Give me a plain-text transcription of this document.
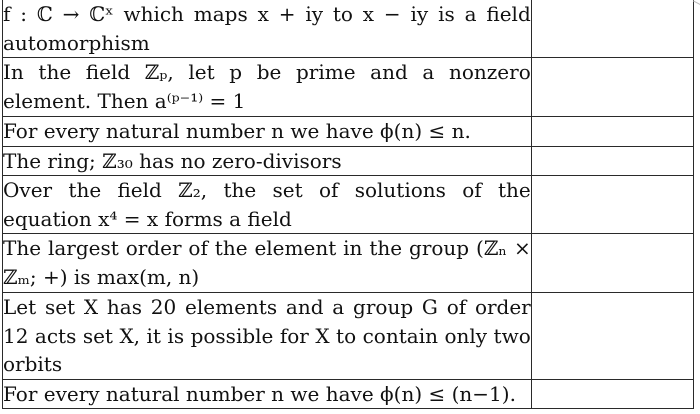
f : ℂ → ℂˣ which maps x + iy to x − iy is a field automorphism	
In the field ℤₚ, let p be prime and a nonzero element. Then a⁽ᵖ⁻¹⁾ = 1	
For every natural number n we have ϕ(n) ≤ n.	
The ring; ℤ₃₀ has no zero-divisors	
Over the field ℤ₂, the set of solutions of the equation x⁴ = x forms a field	
The largest order of the element in the group (ℤₙ × ℤₘ; +) is max(m, n)	
Let set X has 20 elements and a group G of order 12 acts set X, it is possible for X to contain only two orbits	
For every natural number n we have ϕ(n) ≤ (n−1).	
